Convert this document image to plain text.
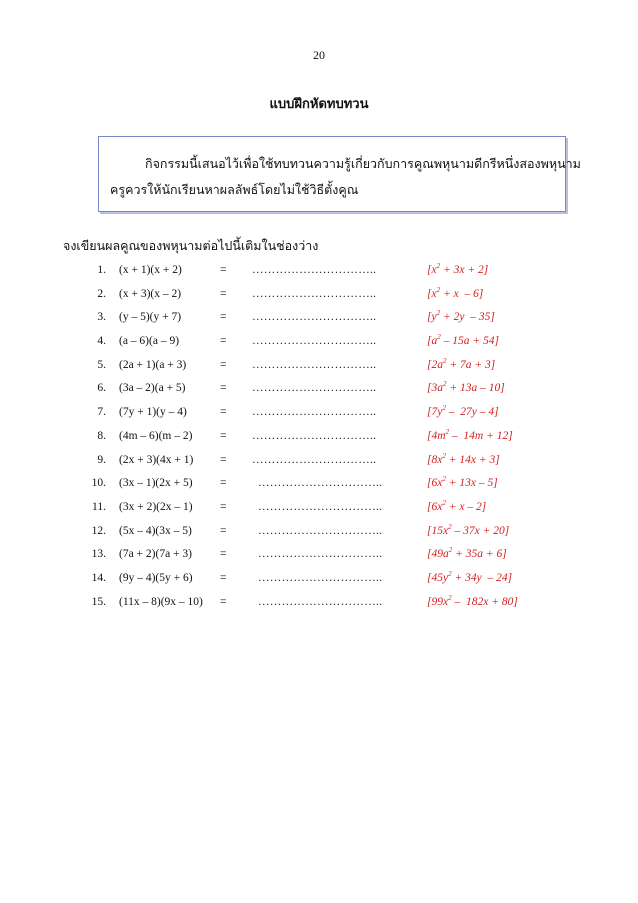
20
แบบฝึกหัดทบทวน
กิจกรรมนี้เสนอไว้เพื่อใช้ทบทวนความรู้เกี่ยวกับการคูณพหุนามดีกรีหนึ่งสองพหุนาม
ครูควรให้นักเรียนหาผลลัพธ์โดยไม่ใช้วิธีตั้งคูณ
จงเขียนผลคูณของพหุนามต่อไปนี้เติมในช่องว่าง
1. (x + 1)(x + 2)	= …………………………..	$[x^2 + 3x + 2]$
2. (x + 3)(x – 2)	= …………………………..	$[x^2 + x - 6]$
3. (y – 5)(y + 7)	= …………………………..	$[y^2 + 2y - 35]$
4. (a – 6)(a – 9)	= …………………………..	$[a^2 - 15a + 54]$
5. (2a + 1)(a + 3)	= …………………………..	$[2a^2 + 7a + 3]$
6. (3a – 2)(a + 5)	= …………………………..	$[3a^2 + 13a - 10]$
7. (7y + 1)(y – 4)	= …………………………..	$[7y^2 - 27y - 4]$
8. (4m – 6)(m – 2) = …………………………..	$[4m^2 - 14m + 12]$
9. (2x + 3)(4x + 1) = …………………………..	$[8x^2 + 14x + 3]$
10. (3x – 1)(2x + 5) =	…………………………..	$[6x^2 + 13x - 5]$
11. (3x + 2)(2x – 1) =	…………………………..	$[6x^2 + x - 2]$
12. (5x – 4)(3x – 5) =	…………………………..	$[15x^2 - 37x + 20]$
13. (7a + 2)(7a + 3) =	…………………………..	$[49a^2 + 35a + 6]$
14. (9y – 4)(5y + 6) =	…………………………..	$[45y^2 + 34y - 24]$
15. (11x – 8)(9x – 10) =	…………………………..	$[99x^2 - 182x + 80]$
